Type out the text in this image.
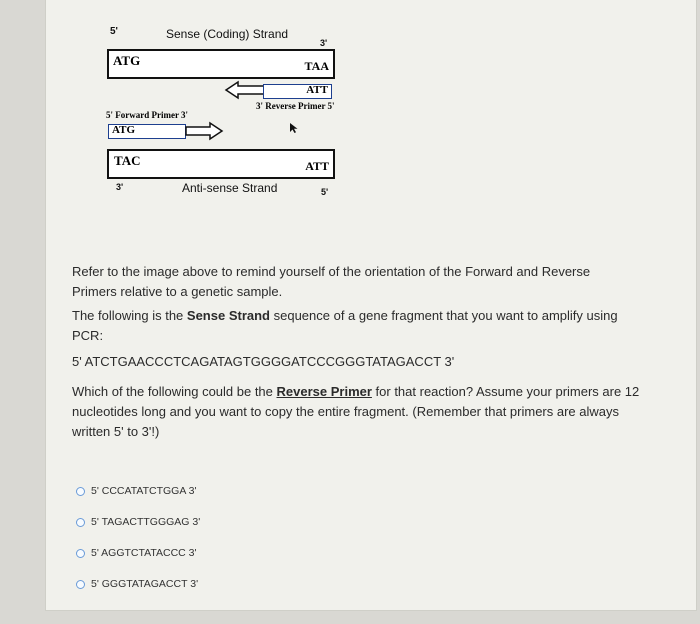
5'	Sense (Coding) Strand
3'
ATG	TAA
ATT
3' Reverse Primer 5'
5' Forward Primer 3'
ATG
TAC	ATT
3'	Anti-sense Strand	5'
Refer to the image above to remind yourself of the orientation of the Forward and Reverse Primers relative to a genetic sample.
The following is the Sense Strand sequence of a gene fragment that you want to amplify using PCR:
5' ATCTGAACCCTCAGATAGTGGGGATCCCGGGTATAGACCT 3'
Which of the following could be the Reverse Primer for that reaction? Assume your primers are 12 nucleotides long and you want to copy the entire fragment. (Remember that primers are always written 5' to 3'!)
5' CCCATATCTGGA 3'
5' TAGACTTGGGAG 3'
5' AGGTCTATACCC 3'
5' GGGTATAGACCT 3'
